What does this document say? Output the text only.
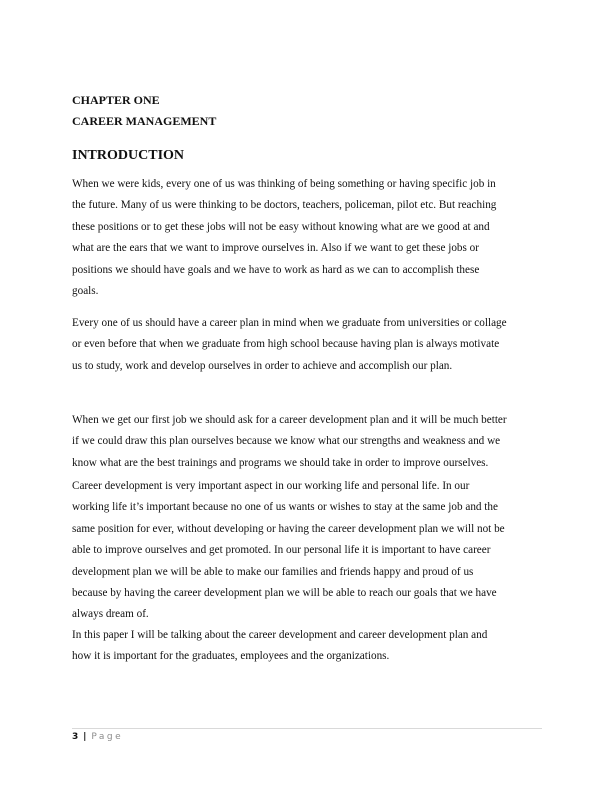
CHAPTER ONE
CAREER MANAGEMENT
INTRODUCTION

When we were kids, every one of us was thinking of being something or having specific job in
the future. Many of us were thinking to be doctors, teachers, policeman, pilot etc. But reaching
these positions or to get these jobs will not be easy without knowing what are we good at and
what are the ears that we want to improve ourselves in. Also if we want to get these jobs or
positions we should have goals and we have to work as hard as we can to accomplish these
goals.

Every one of us should have a career plan in mind when we graduate from universities or collage
or even before that when we graduate from high school because having plan is always motivate
us to study, work and develop ourselves in order to achieve and accomplish our plan.

When we get our first job we should ask for a career development plan and it will be much better
if we could draw this plan ourselves because we know what our strengths and weakness and we
know what are the best trainings and programs we should take in order to improve ourselves.

Career development is very important aspect in our working life and personal life. In our
working life it’s important because no one of us wants or wishes to stay at the same job and the
same position for ever, without developing or having the career development plan we will not be
able to improve ourselves and get promoted. In our personal life it is important to have career
development plan we will be able to make our families and friends happy and proud of us
because by having the career development plan we will be able to reach our goals that we have
always dream of.

In this paper I will be talking about the career development and career development plan and
how it is important for the graduates, employees and the organizations.

3 | Page
